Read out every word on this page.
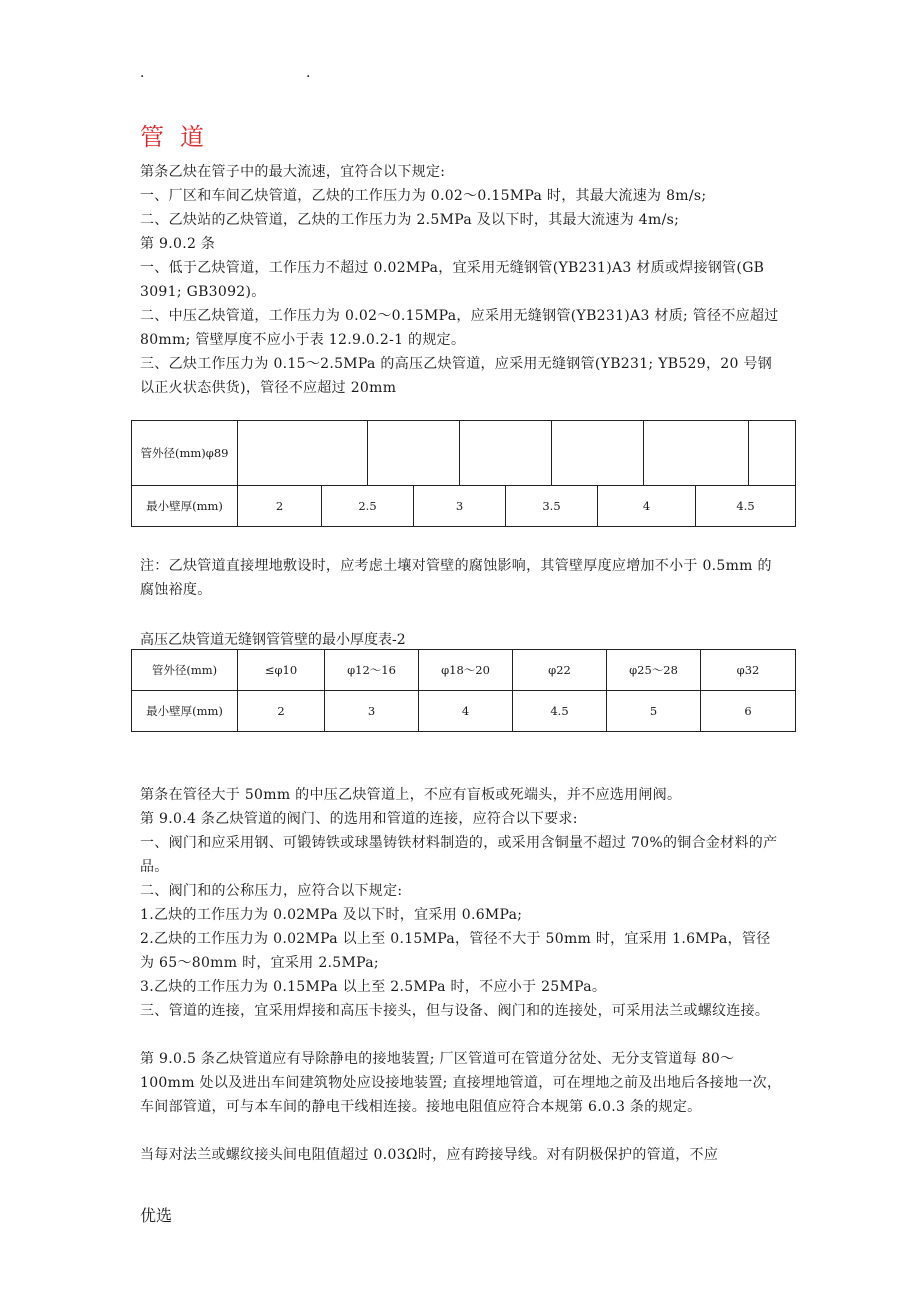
.	.
管道

第条乙炔在管子中的最大流速，宜符合以下规定:

一、厂区和车间乙炔管道，乙炔的工作压力为 0.02～0.15MPa 时，其最大流速为 8m/s;

二、乙炔站的乙炔管道，乙炔的工作压力为 2.5MPa 及以下时，其最大流速为 4m/s;

第 9.0.2 条

一、低于乙炔管道，工作压力不超过 0.02MPa，宜采用无缝钢管(YB231)A3 材质或焊接钢管(GB 3091; GB3092)。

二、中压乙炔管道，工作压力为 0.02～0.15MPa，应采用无缝钢管(YB231)A3 材质; 管径不应超过 80mm; 管壁厚度不应小于表 12.9.0.2-1 的规定。

三、乙炔工作压力为 0.15～2.5MPa 的高压乙炔管道，应采用无缝钢管(YB231; YB529，20 号钢以正火状态供货)，管径不应超过 20mm

管外径(mm)φ89											
最小壁厚(mm)	2	2.5		3		3.5		4		4.5	

注：乙炔管道直接埋地敷设时，应考虑土壤对管壁的腐蚀影响，其管壁厚度应增加不小于 0.5mm 的腐蚀裕度。

高压乙炔管道无缝钢管管壁的最小厚度表-2

管外径(mm)	≤φ10	φ12～16	φ18～20	φ22	φ25～28	φ32
最小壁厚(mm)	2	3	4	4.5	5	6

第条在管径大于 50mm 的中压乙炔管道上，不应有盲板或死端头，并不应选用闸阀。

第 9.0.4 条乙炔管道的阀门、的选用和管道的连接，应符合以下要求:

一、阀门和应采用钢、可锻铸铁或球墨铸铁材料制造的，或采用含铜量不超过 70%的铜合金材料的产品。

二、阀门和的公称压力，应符合以下规定:

1.乙炔的工作压力为 0.02MPa 及以下时，宜采用 0.6MPa;

2.乙炔的工作压力为 0.02MPa 以上至 0.15MPa，管径不大于 50mm 时，宜采用 1.6MPa，管径为 65～80mm 时，宜采用 2.5MPa;

3.乙炔的工作压力为 0.15MPa 以上至 2.5MPa 时，不应小于 25MPa。

三、管道的连接，宜采用焊接和高压卡接头，但与设备、阀门和的连接处，可采用法兰或螺纹连接。

第 9.0.5 条乙炔管道应有导除静电的接地装置; 厂区管道可在管道分岔处、无分支管道每 80～100mm 处以及进出车间建筑物处应设接地装置; 直接埋地管道，可在埋地之前及出地后各接地一次，车间部管道，可与本车间的静电干线相连接。接地电阻值应符合本规第 6.0.3 条的规定。

当每对法兰或螺纹接头间电阻值超过 0.03Ω时，应有跨接导线。对有阴极保护的管道，不应

优选
